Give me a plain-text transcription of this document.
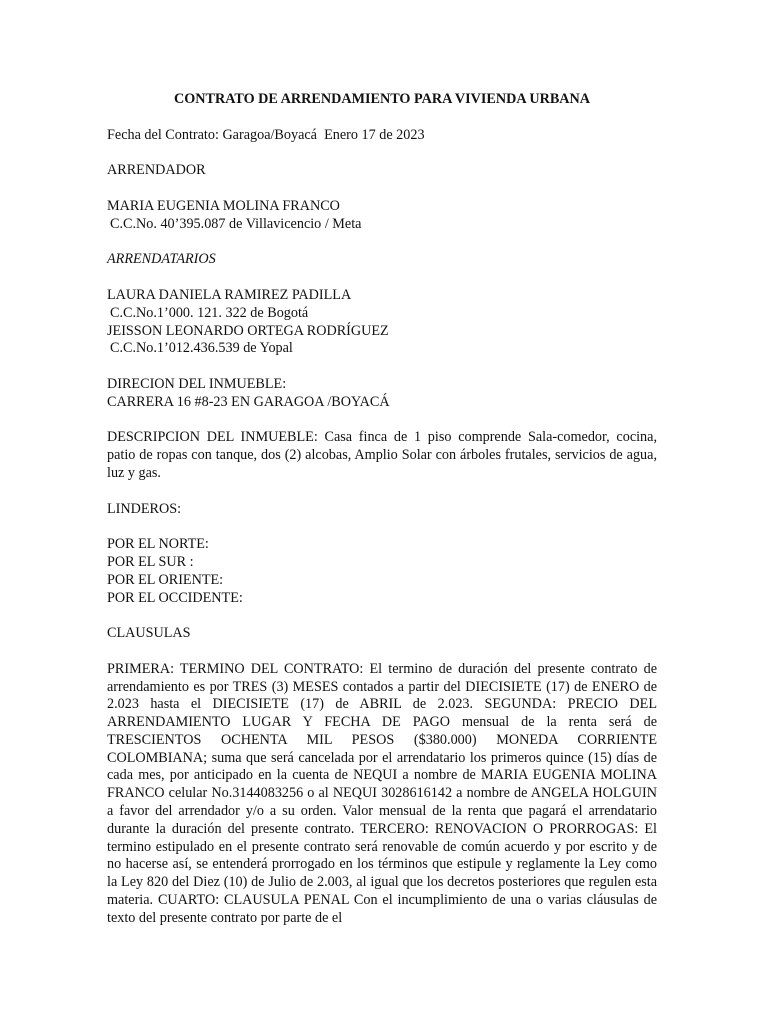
CONTRATO DE ARRENDAMIENTO PARA VIVIENDA URBANA
Fecha del Contrato: Garagoa/Boyacá  Enero 17 de 2023
ARRENDADOR
MARIA EUGENIA MOLINA FRANCO
C.C.No. 40’395.087 de Villavicencio / Meta
ARRENDATARIOS
LAURA DANIELA RAMIREZ PADILLA
C.C.No.1’000. 121. 322 de Bogotá
JEISSON LEONARDO ORTEGA RODRÍGUEZ
C.C.No.1’012.436.539 de Yopal
DIRECION DEL INMUEBLE:
CARRERA 16 #8-23 EN GARAGOA /BOYACÁ

DESCRIPCION DEL INMUEBLE: Casa finca de 1 piso comprende Sala-comedor, cocina, patio de ropas con tanque, dos (2) alcobas, Amplio Solar con árboles frutales, servicios de agua, luz y gas.

LINDEROS:
POR EL NORTE:
POR EL SUR :
POR EL ORIENTE:
POR EL OCCIDENTE:
CLAUSULAS

PRIMERA: TERMINO DEL CONTRATO: El termino de duración del presente contrato de arrendamiento es por TRES (3) MESES contados a partir del DIECISIETE (17) de ENERO de 2.023 hasta el DIECISIETE (17) de ABRIL de 2.023. SEGUNDA: PRECIO DEL ARRENDAMIENTO LUGAR Y FECHA DE PAGO mensual de la renta será de TRESCIENTOS OCHENTA MIL PESOS ($380.000) MONEDA CORRIENTE COLOMBIANA; suma que será cancelada por el arrendatario los primeros quince (15) días de cada mes, por anticipado en la cuenta de NEQUI a nombre de MARIA EUGENIA MOLINA FRANCO celular No.3144083256 o al NEQUI 3028616142 a nombre de ANGELA HOLGUIN a favor del arrendador y/o a su orden. Valor mensual de la renta que pagará el arrendatario durante la duración del presente contrato. TERCERO: RENOVACION O PRORROGAS: El termino estipulado en el presente contrato será renovable de común acuerdo y por escrito y de no hacerse así, se entenderá prorrogado en los términos que estipule y reglamente la Ley como la Ley 820 del Diez (10) de Julio de 2.003, al igual que los decretos posteriores que regulen esta materia. CUARTO: CLAUSULA PENAL Con el incumplimiento de una o varias cláusulas de texto del presente contrato por parte de el
